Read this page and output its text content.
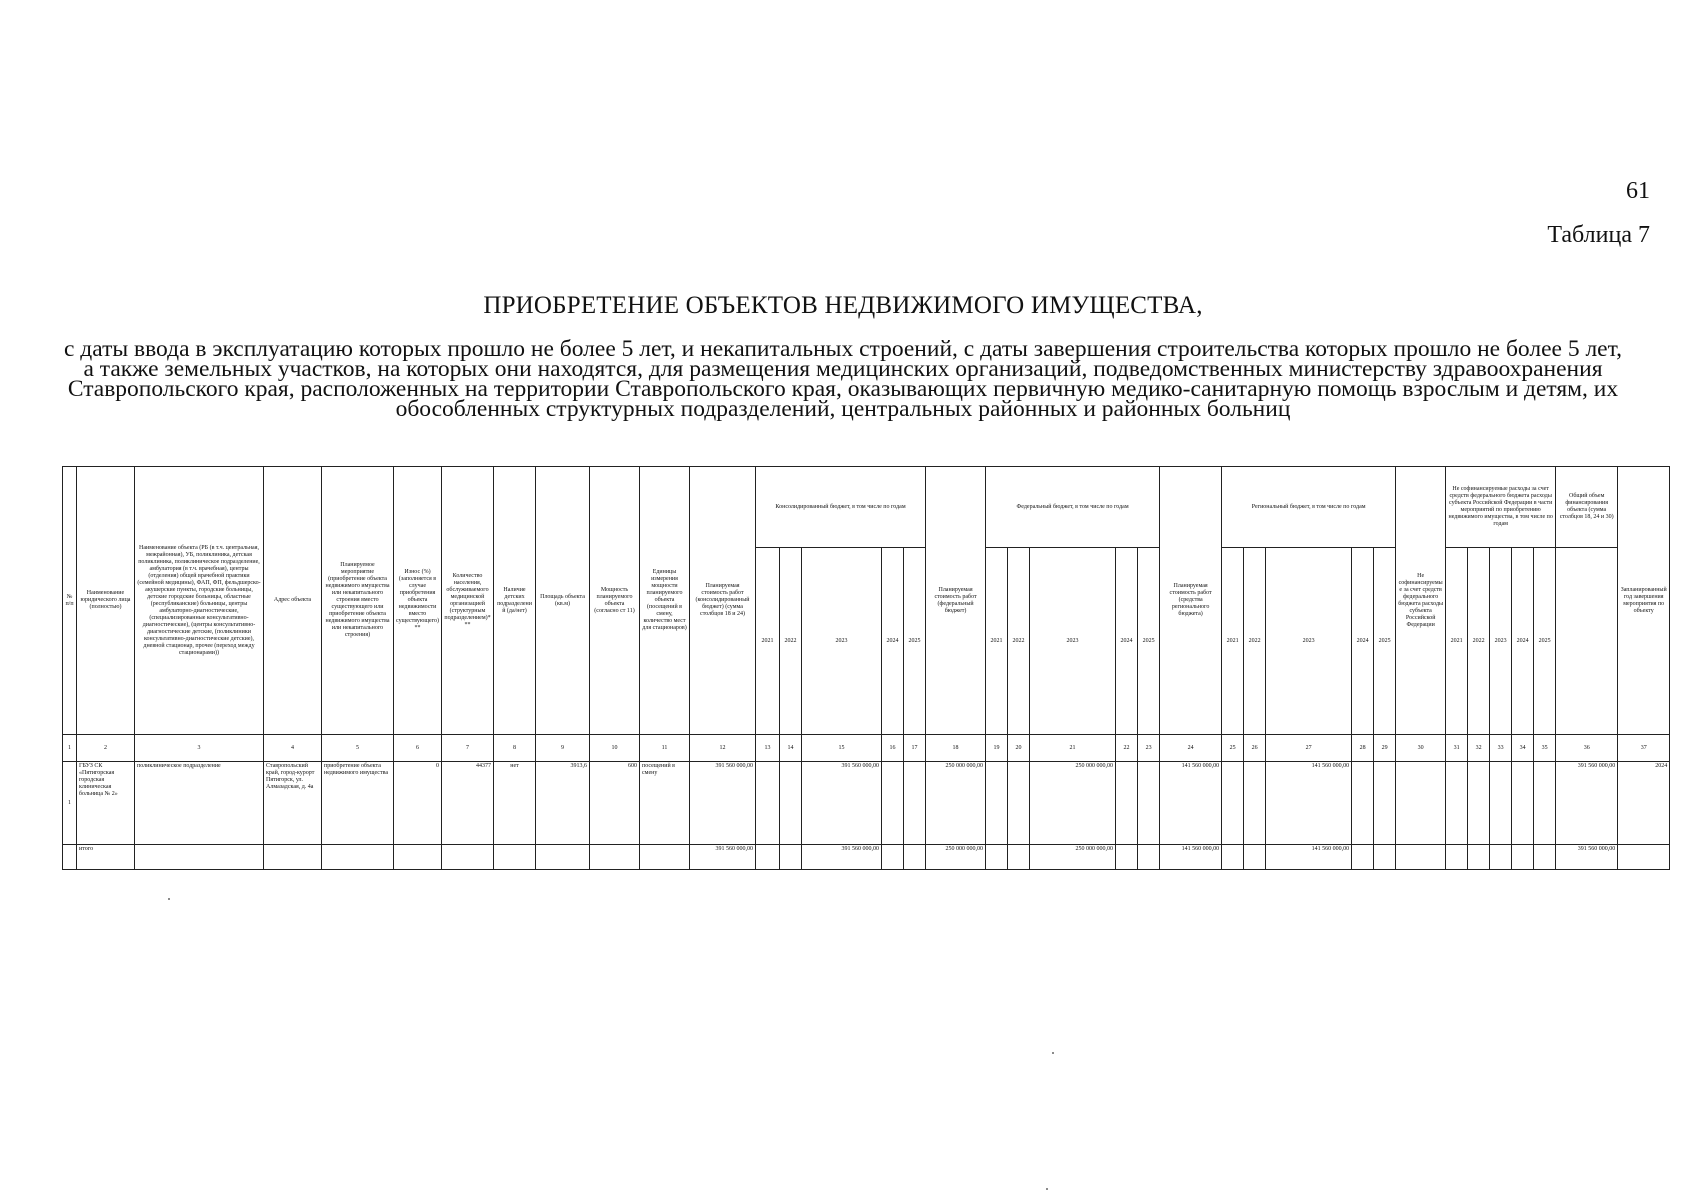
61
Таблица 7
ПРИОБРЕТЕНИЕ ОБЪЕКТОВ НЕДВИЖИМОГО ИМУЩЕСТВА,
с даты ввода в эксплуатацию которых прошло не более 5 лет, и некапитальных строений, с даты завершения строительства которых прошло не более 5 лет, а также земельных участков, на которых они находятся, для размещения медицинских организаций, подведомственных министерству здравоохранения Ставропольского края, расположенных на территории Ставропольского края, оказывающих первичную медико-санитарную помощь взрослым и детям, их обособленных структурных подразделений, центральных районных и районных больниц
№ п/п	Наименование юридического лица (полностью)	Наименование объекта (РБ (в т.ч. центральная, межрайонная), УБ, поликлиника, детская поликлиника, поликлиническое подразделение, амбулатория (в т.ч. врачебная), центры (отделения) общей врачебной практики (семейной медицины), ФАП, ФП, фельдшерско-акушерские пункты, городские больницы, детские городские больницы, областные (республиканские) больницы, центры амбулаторно-диагностические, (специализированные консультативно-диагностические), (центры консультативно-диагностические детские, (поликлиники консультативно-диагностические детские), дневной стационар, прочее (переход между стационарами))	Адрес объекта	Планируемое мероприятие (приобретение объекта недвижимого имущества или некапитального строения вместо существующего или приобретение объекта недвижимого имущества или некапитального строения)	Износ (%) (заполняется в случае приобретения объекта недвижимости вместо существующего)**	Количество населения, обслуживаемого медицинской организацией (структурным подразделением)***	Наличие детских подразделений (да/нет)	Площадь объекта (кв.м)	Мощность планируемого объекта (согласно ст 11)	Единицы измерения мощности планируемого объекта (посещений в смену, количество мест для стационаров)	Планируемая стоимость работ (консолидированный бюджет) (сумма столбцов 18 и 24)	Консолидированный бюджет, в том числе по годам					Планируемая стоимость работ (федеральный бюджет)	Федеральный бюджет, в том числе по годам					Планируемая стоимость работ (средства регионального бюджета)	Региональный бюджет, в том числе по годам					Не софинансируемые за счет средств федерального бюджета расходы субъекта Российской Федерации	Не софинансируемые расходы за счет средств федерального бюджета расходы субъекта Российской Федерации в части мероприятий по приобретению недвижимого имущества, в том числе по годам					Общий объем финансирования объекта (сумма столбцов 18, 24 и 30)	Запланированный год завершения мероприятия по объекту
												2021	2022	2023	2024	2025		2021	2022	2023	2024	2025		2021	2022	2023	2024	2025		2021	2022	2023	2024	2025		
1	2	3	4	5	6	7	8	9	10	11	12	13	14	15	16	17	18	19	20	21	22	23	24	25	26	27	28	29	30	31	32	33	34	35	36	37
1	ГБУЗ СК «Пятигорская городская клиническая больница № 2»	поликлиническое подразделение	Ставропольский край, город-курорт Пятигорск, ул. Алмазадская, д. 4а	приобретение объекта недвижимого имущества	0	44377	нет	3913,6	600	посещений в смену	391 560 000,00			391 560 000,00			250 000 000,00			250 000 000,00			141 560 000,00			141 560 000,00									391 560 000,00	2024
	итого										391 560 000,00			391 560 000,00			250 000 000,00			250 000 000,00			141 560 000,00			141 560 000,00									391 560 000,00	
